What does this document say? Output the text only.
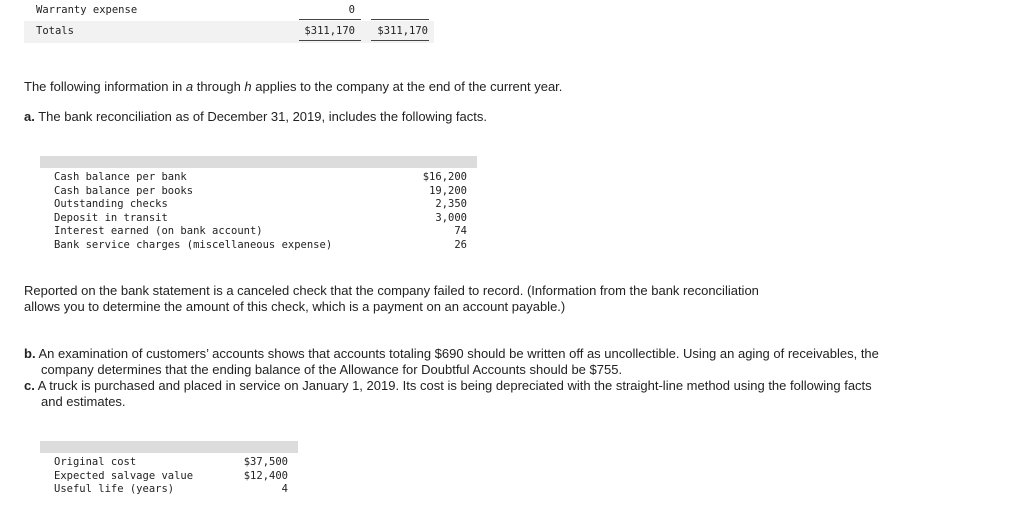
Warranty expense	0
Totals	$311,170	$311,170
The following information in a through h applies to the company at the end of the current year.
a. The bank reconciliation as of December 31, 2019, includes the following facts.
Cash balance per bank	$16,200
Cash balance per books	19,200
Outstanding checks	2,350
Deposit in transit	3,000
Interest earned (on bank account)	74
Bank service charges (miscellaneous expense)	26
Reported on the bank statement is a canceled check that the company failed to record. (Information from the bank reconciliation
allows you to determine the amount of this check, which is a payment on an account payable.)
b. An examination of customers’ accounts shows that accounts totaling $690 should be written off as uncollectible. Using an aging of receivables, the company determines that the ending balance of the Allowance for Doubtful Accounts should be $755.
c. A truck is purchased and placed in service on January 1, 2019. Its cost is being depreciated with the straight-line method using the following facts and estimates.
Original cost	$37,500
Expected salvage value	$12,400
Useful life (years)	4
